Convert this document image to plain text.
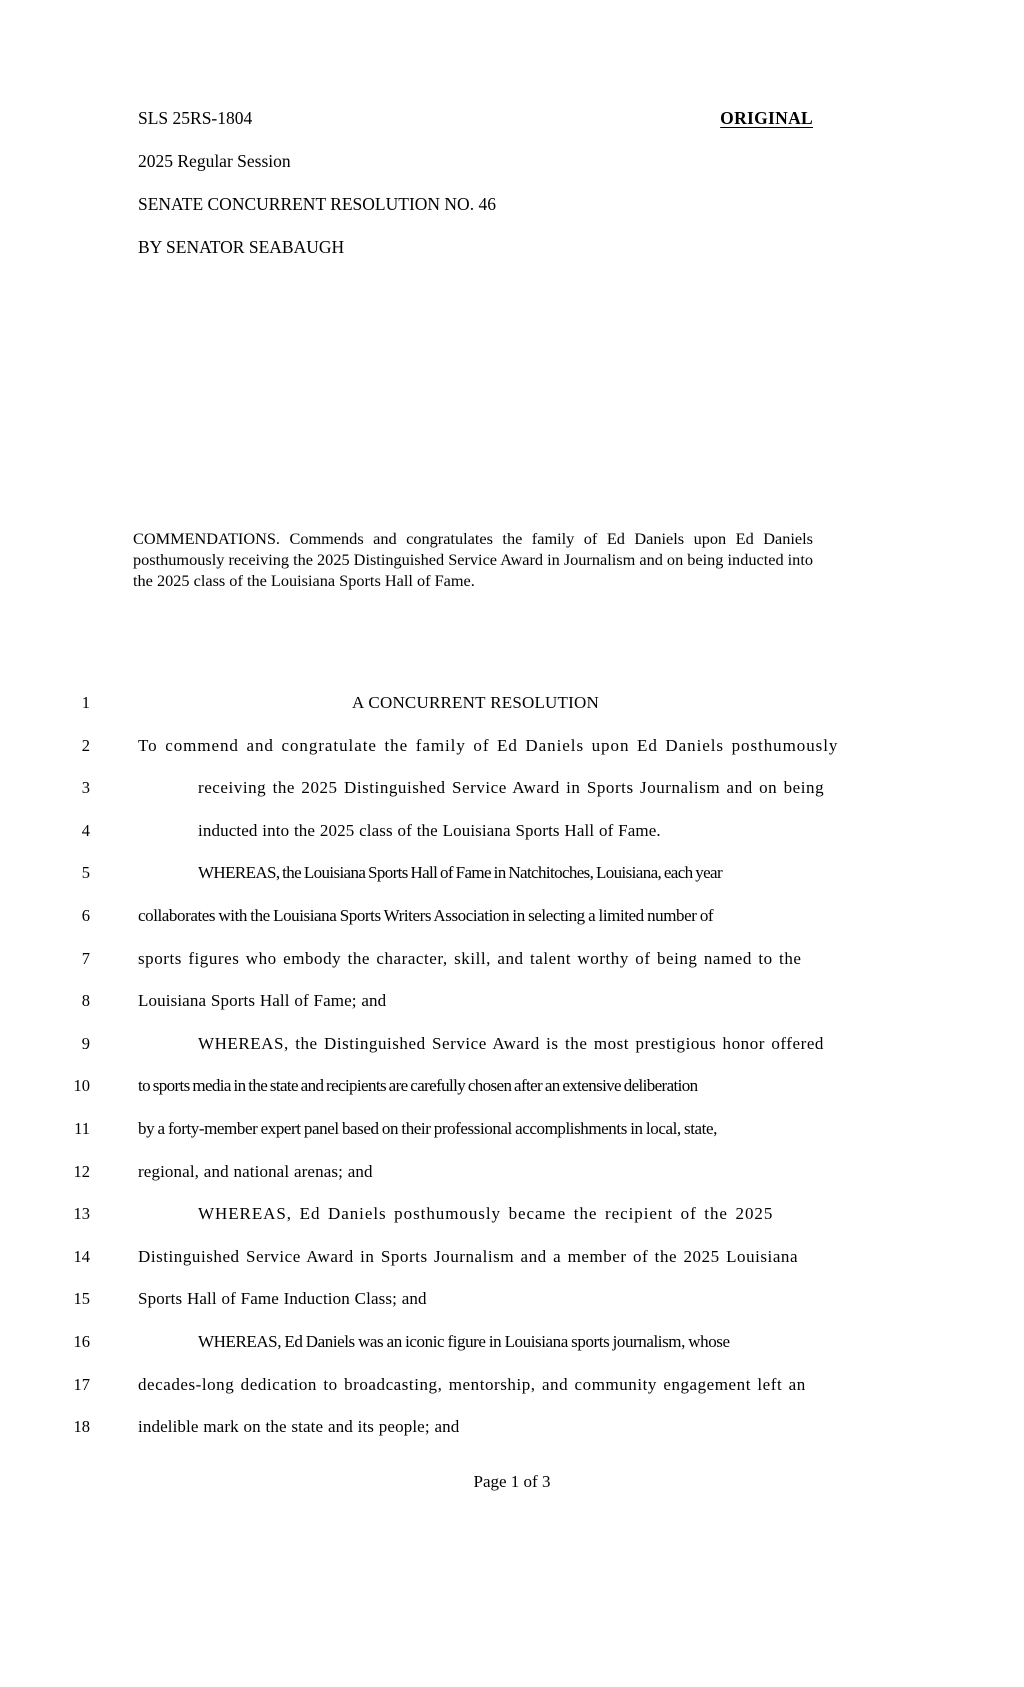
SLS 25RS-1804	ORIGINAL
2025 Regular Session
SENATE CONCURRENT RESOLUTION NO. 46
BY SENATOR SEABAUGH
COMMENDATIONS. Commends and congratulates the family of Ed Daniels upon Ed Daniels posthumously receiving the 2025 Distinguished Service Award in Journalism and on being inducted into the 2025 class of the Louisiana Sports Hall of Fame.
1	A CONCURRENT RESOLUTION
2	To commend and congratulate the family of Ed Daniels upon Ed Daniels posthumously
3	receiving the 2025 Distinguished Service Award in Sports Journalism and on being
4	inducted into the 2025 class of the Louisiana Sports Hall of Fame.
5	WHEREAS, the Louisiana Sports Hall of Fame in Natchitoches, Louisiana, each year
6	collaborates with the Louisiana Sports Writers Association in selecting a limited number of
7	sports figures who embody the character, skill, and talent worthy of being named to the
8	Louisiana Sports Hall of Fame; and
9	WHEREAS, the Distinguished Service Award is the most prestigious honor offered
10	to sports media in the state and recipients are carefully chosen after an extensive deliberation
11	by a forty-member expert panel based on their professional accomplishments in local, state,
12	regional, and national arenas; and
13	WHEREAS, Ed Daniels posthumously became the recipient of the 2025
14	Distinguished Service Award in Sports Journalism and a member of the 2025 Louisiana
15	Sports Hall of Fame Induction Class; and
16	WHEREAS, Ed Daniels was an iconic figure in Louisiana sports journalism, whose
17	decades-long dedication to broadcasting, mentorship, and community engagement left an
18	indelible mark on the state and its people; and
Page 1 of 3
